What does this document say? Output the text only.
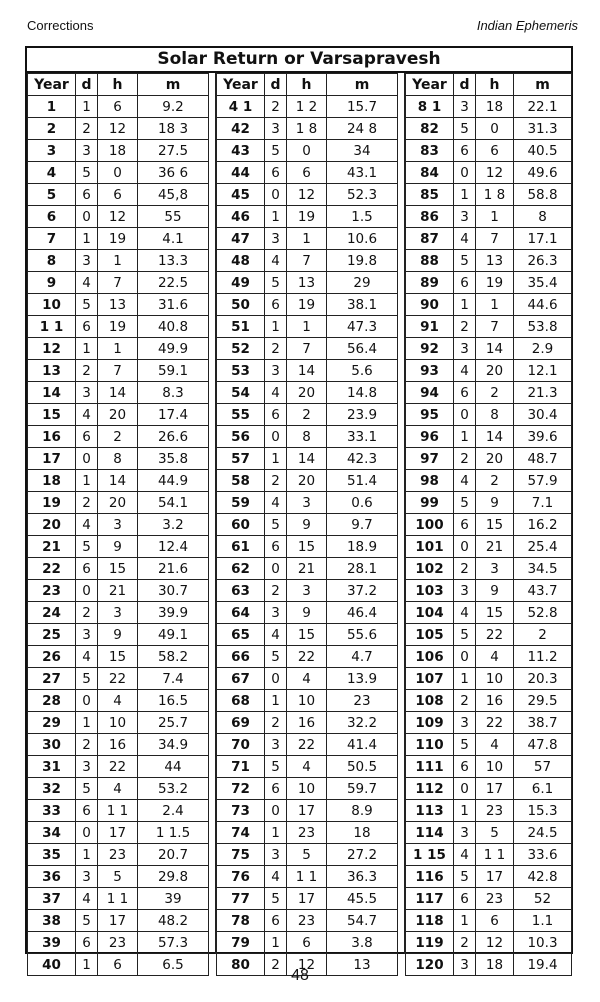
Corrections	Indian Ephemeris
Solar Return or Varsapravesh
Year	d	h	m
1	1	6	9.2
2	2	12	18 3
3	3	18	27.5
4	5	0	36 6
5	6	6	45,8
6	0	12	55
7	1	19	4.1
8	3	1	13.3
9	4	7	22.5
10	5	13	31.6
1 1	6	19	40.8
12	1	1	49.9
13	2	7	59.1
14	3	14	8.3
15	4	20	17.4
16	6	2	26.6
17	0	8	35.8
18	1	14	44.9
19	2	20	54.1
20	4	3	3.2
21	5	9	12.4
22	6	15	21.6
23	0	21	30.7
24	2	3	39.9
25	3	9	49.1
26	4	15	58.2
27	5	22	7.4
28	0	4	16.5
29	1	10	25.7
30	2	16	34.9
31	3	22	44
32	5	4	53.2
33	6	1 1	2.4
34	0	17	1 1.5
35	1	23	20.7
36	3	5	29.8
37	4	1 1	39
38	5	17	48.2
39	6	23	57.3
40	1	6	6.5
Year	d	h	m
4 1	2	1 2	15.7
42	3	1 8	24 8
43	5	0	34
44	6	6	43.1
45	0	12	52.3
46	1	19	1.5
47	3	1	10.6
48	4	7	19.8
49	5	13	29
50	6	19	38.1
51	1	1	47.3
52	2	7	56.4
53	3	14	5.6
54	4	20	14.8
55	6	2	23.9
56	0	8	33.1
57	1	14	42.3
58	2	20	51.4
59	4	3	0.6
60	5	9	9.7
61	6	15	18.9
62	0	21	28.1
63	2	3	37.2
64	3	9	46.4
65	4	15	55.6
66	5	22	4.7
67	0	4	13.9
68	1	10	23
69	2	16	32.2
70	3	22	41.4
71	5	4	50.5
72	6	10	59.7
73	0	17	8.9
74	1	23	18
75	3	5	27.2
76	4	1 1	36.3
77	5	17	45.5
78	6	23	54.7
79	1	6	3.8
80	2	12	13
Year	d	h	m
8 1	3	18	22.1
82	5	0	31.3
83	6	6	40.5
84	0	12	49.6
85	1	1 8	58.8
86	3	1	8
87	4	7	17.1
88	5	13	26.3
89	6	19	35.4
90	1	1	44.6
91	2	7	53.8
92	3	14	2.9
93	4	20	12.1
94	6	2	21.3
95	0	8	30.4
96	1	14	39.6
97	2	20	48.7
98	4	2	57.9
99	5	9	7.1
100	6	15	16.2
101	0	21	25.4
102	2	3	34.5
103	3	9	43.7
104	4	15	52.8
105	5	22	2
106	0	4	11.2
107	1	10	20.3
108	2	16	29.5
109	3	22	38.7
110	5	4	47.8
111	6	10	57
112	0	17	6.1
113	1	23	15.3
114	3	5	24.5
1 15	4	1 1	33.6
116	5	17	42.8
117	6	23	52
118	1	6	1.1
119	2	12	10.3
120	3	18	19.4
48
